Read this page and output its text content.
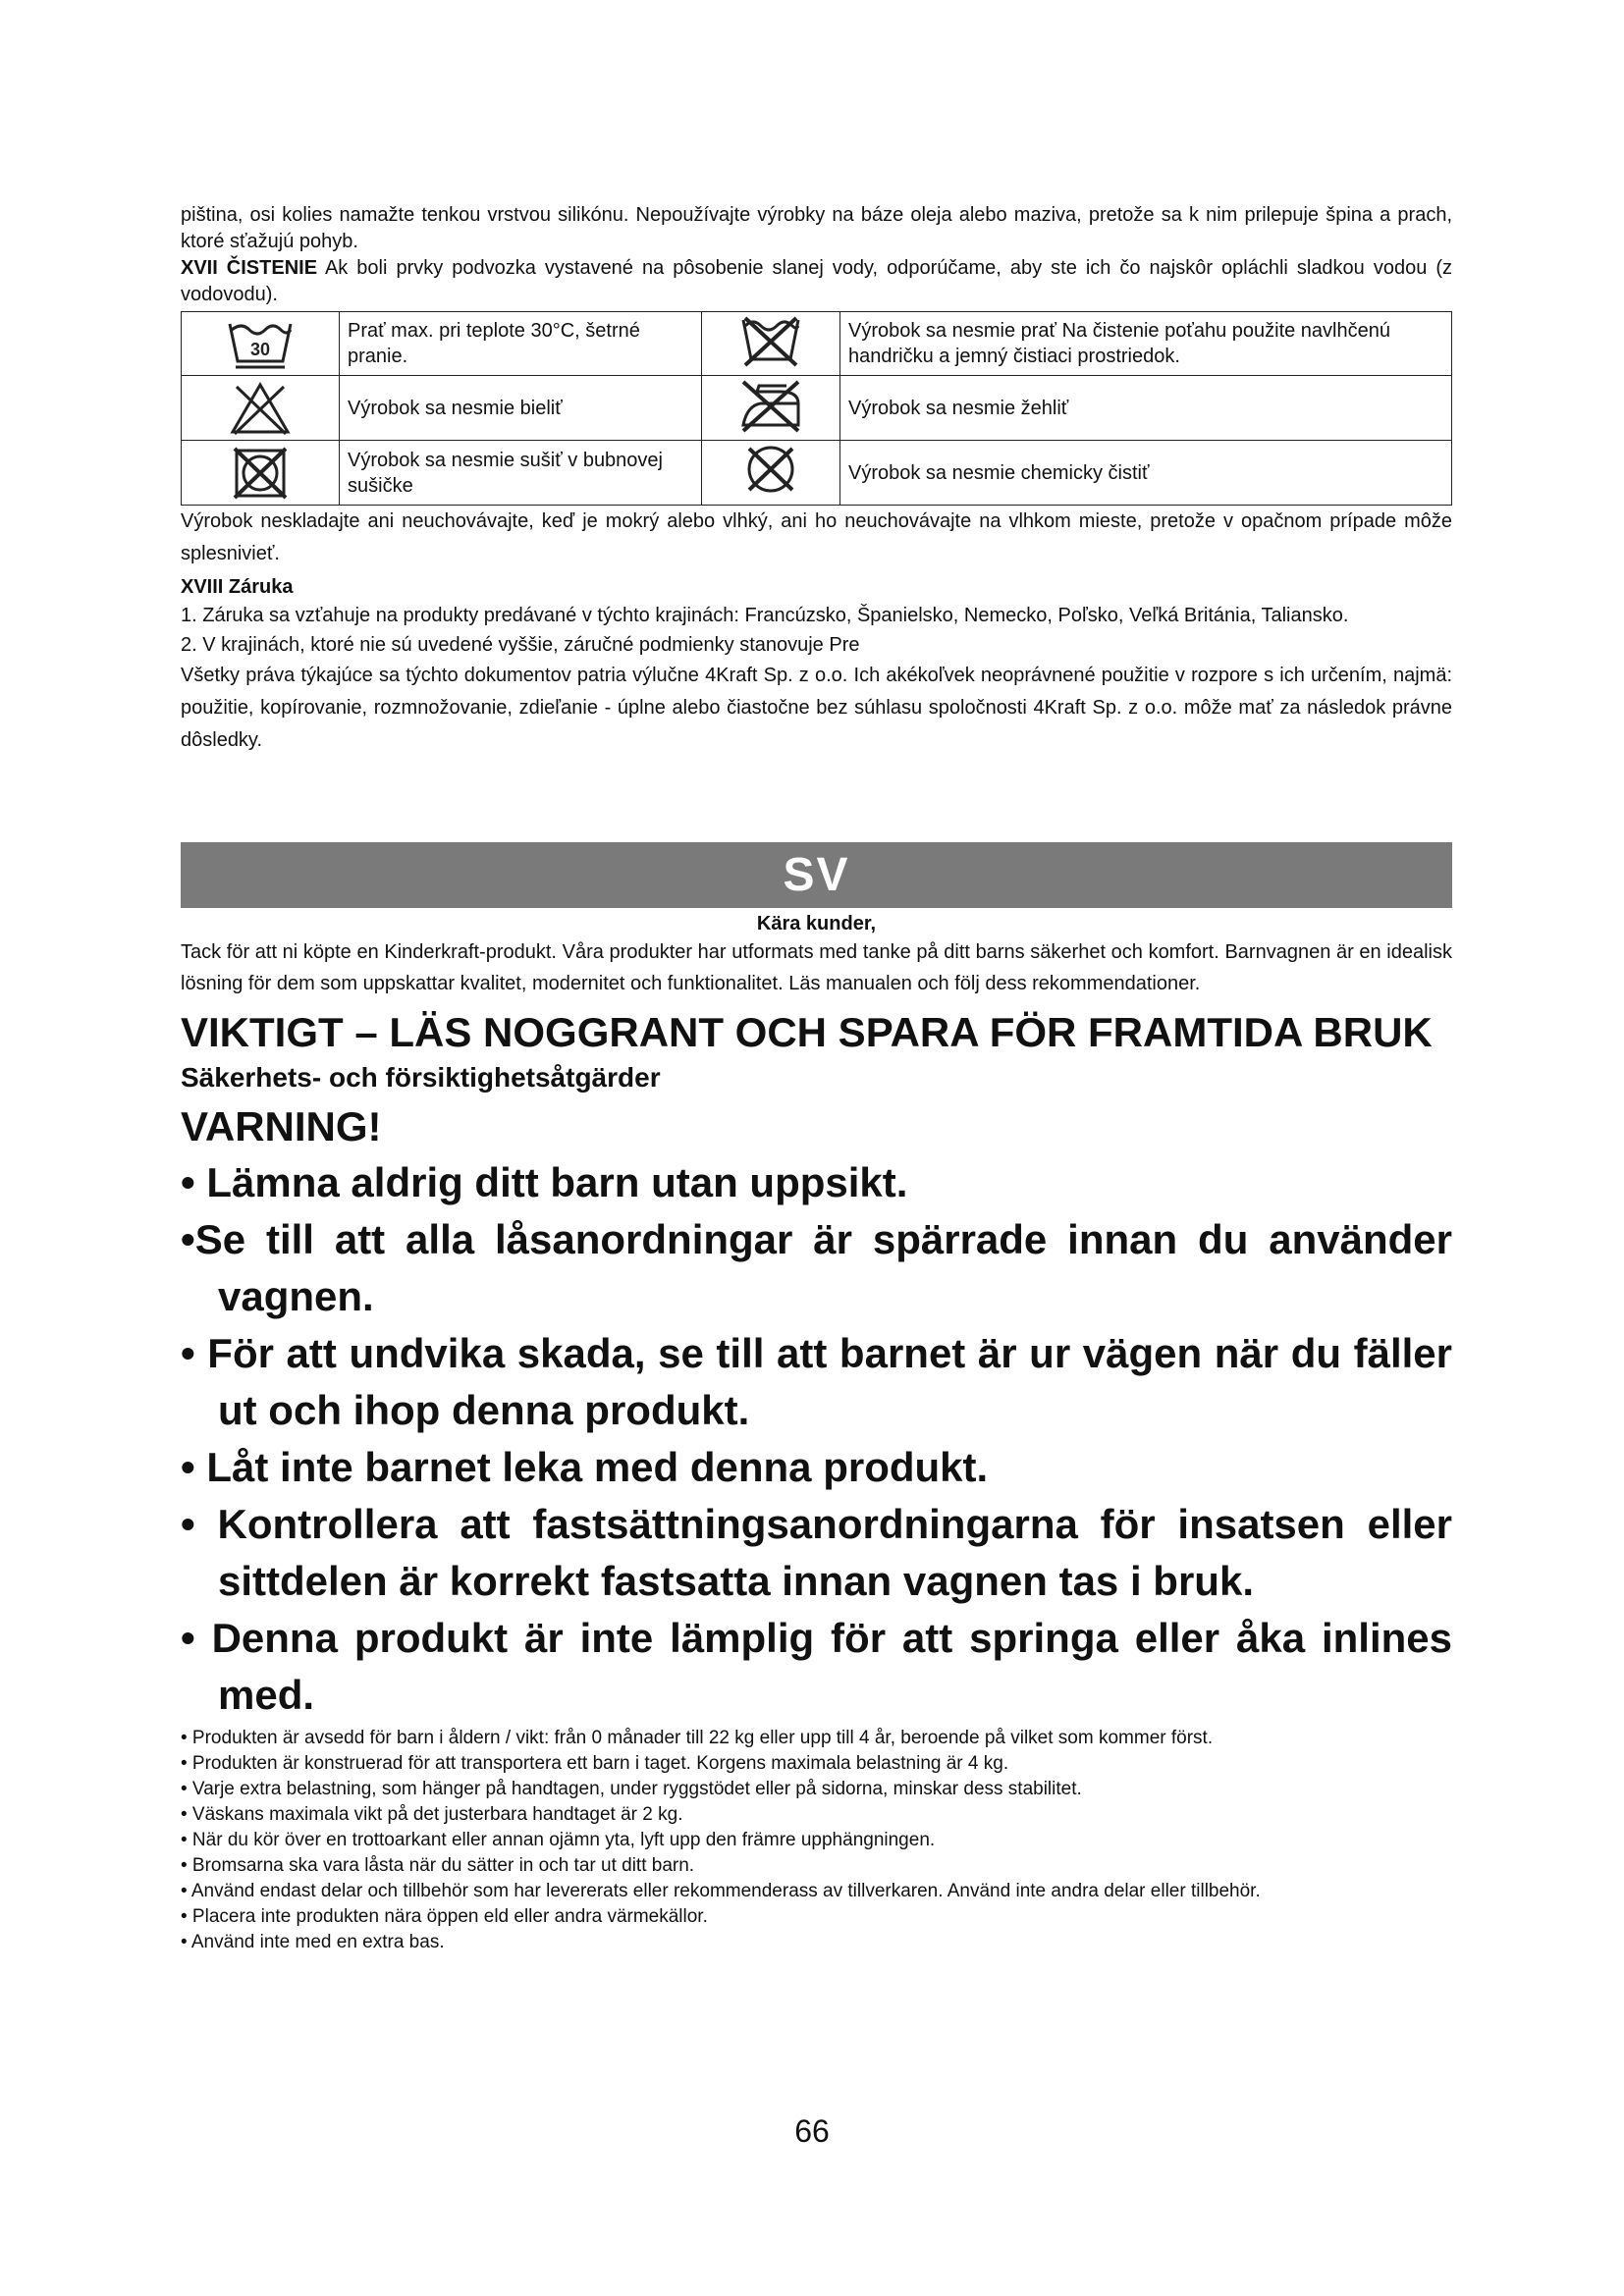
piština, osi kolies namažte tenkou vrstvou silikónu. Nepoužívajte výrobky na báze oleja alebo maziva, pretože sa k nim prilepuje špina a prach, ktoré sťažujú pohyb.

XVII ČISTENIE Ak boli prvky podvozka vystavené na pôsobenie slanej vody, odporúčame, aby ste ich čo najskôr opláchli sladkou vodou (z vodovodu).

30	Prať max. pri teplote 30°C, šetrné pranie.		Výrobok sa nesmie prať Na čistenie poťahu použite navlhčenú handričku a jemný čistiaci prostriedok.

	Výrobok sa nesmie bieliť		Výrobok sa nesmie žehliť

	Výrobok sa nesmie sušiť v bubnovej sušičke		Výrobok sa nesmie chemicky čistiť

Výrobok neskladajte ani neuchovávajte, keď je mokrý alebo vlhký, ani ho neuchovávajte na vlhkom mieste, pretože v opačnom prípade môže splesnivieť.

XVIII Záruka

1. Záruka sa vzťahuje na produkty predávané v týchto krajinách: Francúzsko, Španielsko, Nemecko, Poľsko, Veľká Británia, Taliansko.

2. V krajinách, ktoré nie sú uvedené vyššie, záručné podmienky stanovuje Pre

Všetky práva týkajúce sa týchto dokumentov patria výlučne 4Kraft Sp. z o.o. Ich akékoľvek neoprávnené použitie v rozpore s ich určením, najmä: použitie, kopírovanie, rozmnožovanie, zdieľanie - úplne alebo čiastočne bez súhlasu spoločnosti 4Kraft Sp. z o.o. môže mať za následok právne dôsledky.

SV
Kära kunder,

Tack för att ni köpte en Kinderkraft-produkt. Våra produkter har utformats med tanke på ditt barns säkerhet och komfort. Barnvagnen är en idealisk lösning för dem som uppskattar kvalitet, modernitet och funktionalitet. Läs manualen och följ dess rekommendationer.

VIKTIGT – LÄS NOGGRANT OCH SPARA FÖR FRAMTIDA BRUK
Säkerhets- och försiktighetsåtgärder
VARNING!

• Lämna aldrig ditt barn utan uppsikt.

•Se till att alla låsanordningar är spärrade innan du använder vagnen.

• För att undvika skada, se till att barnet är ur vägen när du fäller ut och ihop denna produkt.

• Låt inte barnet leka med denna produkt.

• Kontrollera att fastsättningsanordningarna för insatsen eller sittdelen är korrekt fastsatta innan vagnen tas i bruk.

• Denna produkt är inte lämplig för att springa eller åka inlines med.

• Produkten är avsedd för barn i åldern / vikt: från 0 månader till 22 kg eller upp till 4 år, beroende på vilket som kommer först.

• Produkten är konstruerad för att transportera ett barn i taget. Korgens maximala belastning är 4 kg.

• Varje extra belastning, som hänger på handtagen, under ryggstödet eller på sidorna, minskar dess stabilitet.

• Väskans maximala vikt på det justerbara handtaget är 2 kg.

• När du kör över en trottoarkant eller annan ojämn yta, lyft upp den främre upphängningen.

• Bromsarna ska vara låsta när du sätter in och tar ut ditt barn.

• Använd endast delar och tillbehör som har levererats eller rekommenderass av tillverkaren. Använd inte andra delar eller tillbehör.

• Placera inte produkten nära öppen eld eller andra värmekällor.

• Använd inte med en extra bas.

66
